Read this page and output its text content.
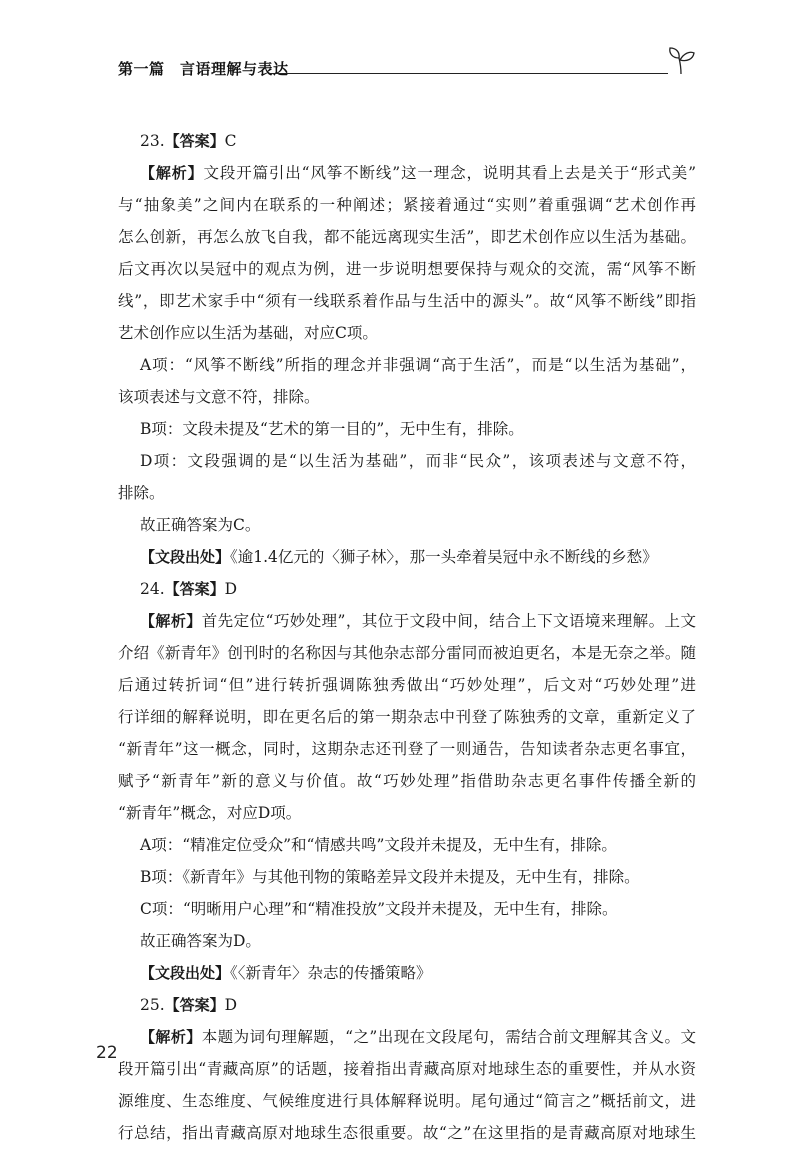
第一篇　言语理解与表达
23.【答案】C
【解析】文段开篇引出“风筝不断线”这一理念，说明其看上去是关于“形式美”
与“抽象美”之间内在联系的一种阐述；紧接着通过“实则”着重强调“艺术创作再
怎么创新，再怎么放飞自我，都不能远离现实生活”，即艺术创作应以生活为基础。
后文再次以吴冠中的观点为例，进一步说明想要保持与观众的交流，需“风筝不断
线”，即艺术家手中“须有一线联系着作品与生活中的源头”。故“风筝不断线”即指
艺术创作应以生活为基础，对应C项。
A项：“风筝不断线”所指的理念并非强调“高于生活”，而是“以生活为基础”，
该项表述与文意不符，排除。
B项：文段未提及“艺术的第一目的”，无中生有，排除。
D项：文段强调的是“以生活为基础”，而非“民众”，该项表述与文意不符，
排除。
故正确答案为C。
【文段出处】《逾1.4亿元的〈狮子林〉，那一头牵着吴冠中永不断线的乡愁》
24.【答案】D
【解析】首先定位“巧妙处理”，其位于文段中间，结合上下文语境来理解。上文
介绍《新青年》创刊时的名称因与其他杂志部分雷同而被迫更名，本是无奈之举。随
后通过转折词“但”进行转折强调陈独秀做出“巧妙处理”，后文对“巧妙处理”进
行详细的解释说明，即在更名后的第一期杂志中刊登了陈独秀的文章，重新定义了
“新青年”这一概念，同时，这期杂志还刊登了一则通告，告知读者杂志更名事宜，
赋予“新青年”新的意义与价值。故“巧妙处理”指借助杂志更名事件传播全新的
“新青年”概念，对应D项。
A项：“精准定位受众”和“情感共鸣”文段并未提及，无中生有，排除。
B项：《新青年》与其他刊物的策略差异文段并未提及，无中生有，排除。
C项：“明晰用户心理”和“精准投放”文段并未提及，无中生有，排除。
故正确答案为D。
【文段出处】《〈新青年〉杂志的传播策略》
25.【答案】D
【解析】本题为词句理解题，“之”出现在文段尾句，需结合前文理解其含义。文
段开篇引出“青藏高原”的话题，接着指出青藏高原对地球生态的重要性，并从水资
源维度、生态维度、气候维度进行具体解释说明。尾句通过“简言之”概括前文，进
行总结，指出青藏高原对地球生态很重要。故“之”在这里指的是青藏高原对地球生
22
